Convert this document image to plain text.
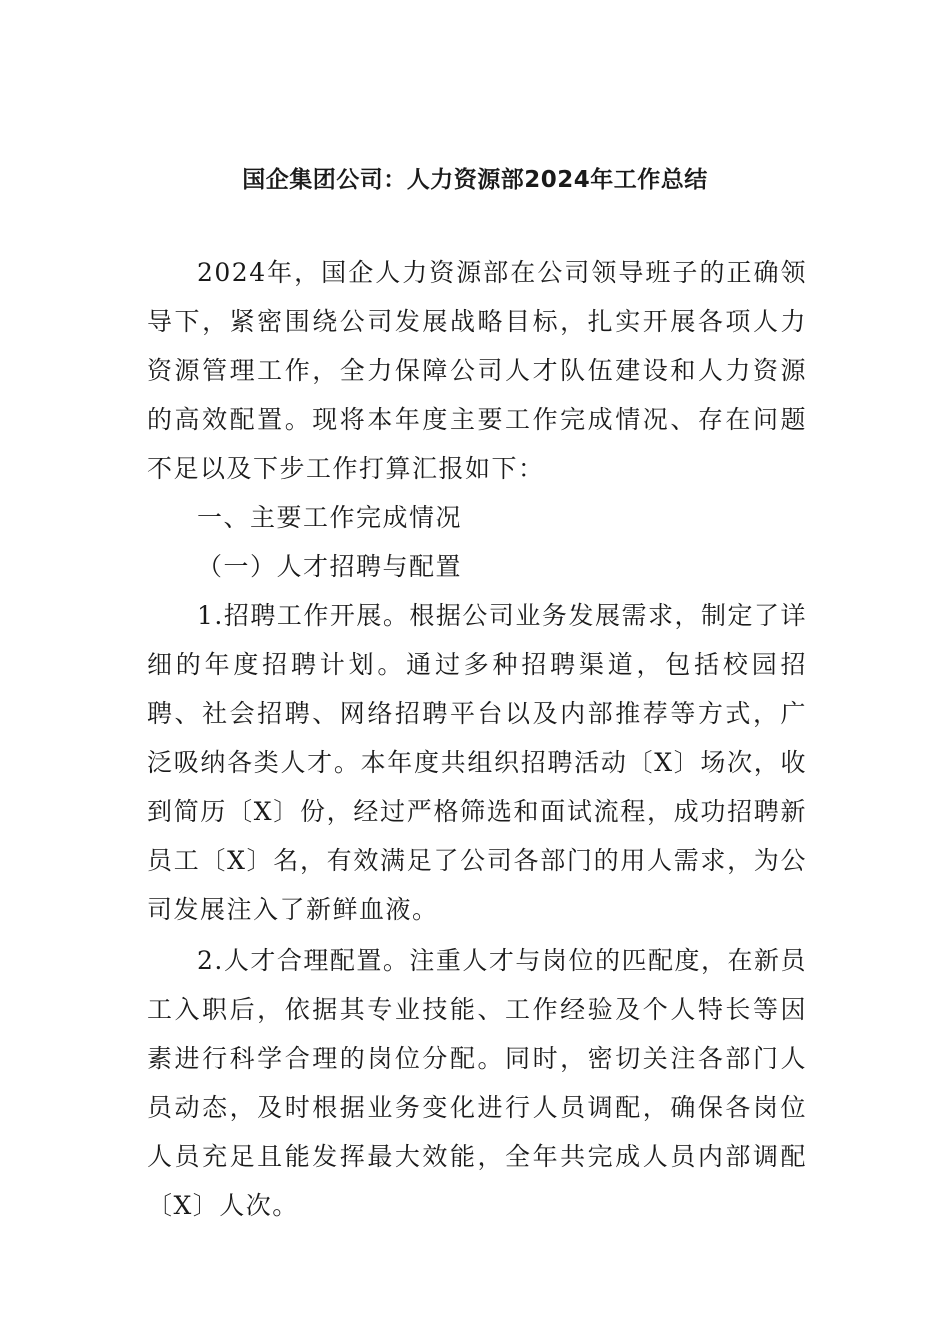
国企集团公司：人力资源部2024年工作总结

2024年，国企人力资源部在公司领导班子的正确领导下，紧密围绕公司发展战略目标，扎实开展各项人力资源管理工作，全力保障公司人才队伍建设和人力资源的高效配置。现将本年度主要工作完成情况、存在问题不足以及下步工作打算汇报如下：

一、主要工作完成情况

（一）人才招聘与配置

1.招聘工作开展。根据公司业务发展需求，制定了详细的年度招聘计划。通过多种招聘渠道，包括校园招聘、社会招聘、网络招聘平台以及内部推荐等方式，广泛吸纳各类人才。本年度共组织招聘活动〔X〕场次，收到简历〔X〕份，经过严格筛选和面试流程，成功招聘新员工〔X〕名，有效满足了公司各部门的用人需求，为公司发展注入了新鲜血液。

2.人才合理配置。注重人才与岗位的匹配度，在新员工入职后，依据其专业技能、工作经验及个人特长等因素进行科学合理的岗位分配。同时，密切关注各部门人员动态，及时根据业务变化进行人员调配，确保各岗位人员充足且能发挥最大效能，全年共完成人员内部调配〔X〕人次。
